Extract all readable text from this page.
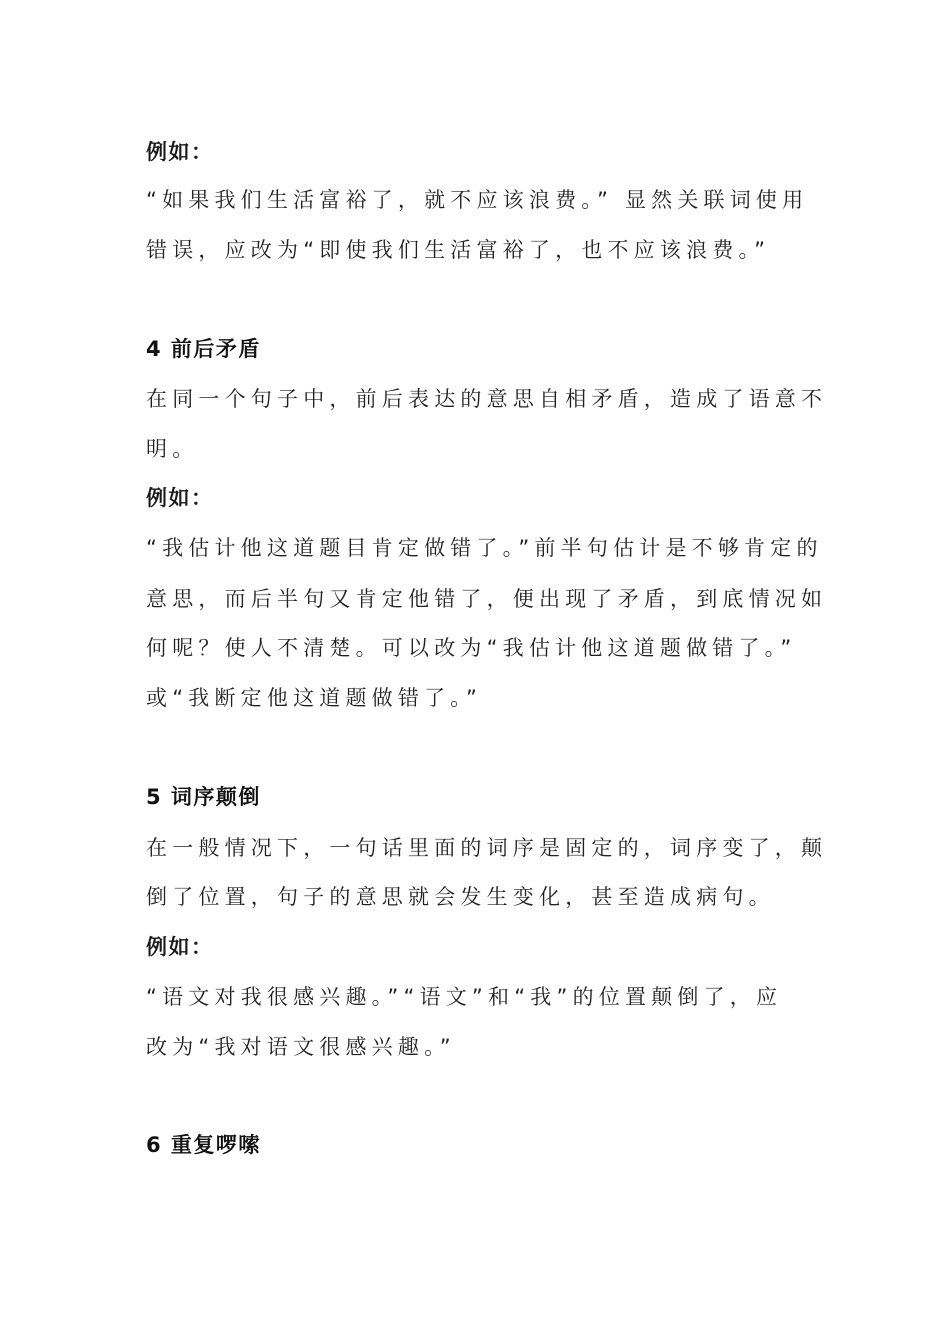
例如：
“如果我们生活富裕了，就不应该浪费。” 显然关联词使用
错误，应改为“即使我们生活富裕了，也不应该浪费。”
4 前后矛盾
在同一个句子中，前后表达的意思自相矛盾，造成了语意不
明。
例如：
“我估计他这道题目肯定做错了。”前半句估计是不够肯定的
意思，而后半句又肯定他错了，便出现了矛盾，到底情况如
何呢？使人不清楚。可以改为“我估计他这道题做错了。”
或“我断定他这道题做错了。”
5 词序颠倒
在一般情况下，一句话里面的词序是固定的，词序变了，颠
倒了位置，句子的意思就会发生变化，甚至造成病句。
例如：
“语文对我很感兴趣。”“语文”和“我”的位置颠倒了，应
改为“我对语文很感兴趣。”
6 重复啰嗦
